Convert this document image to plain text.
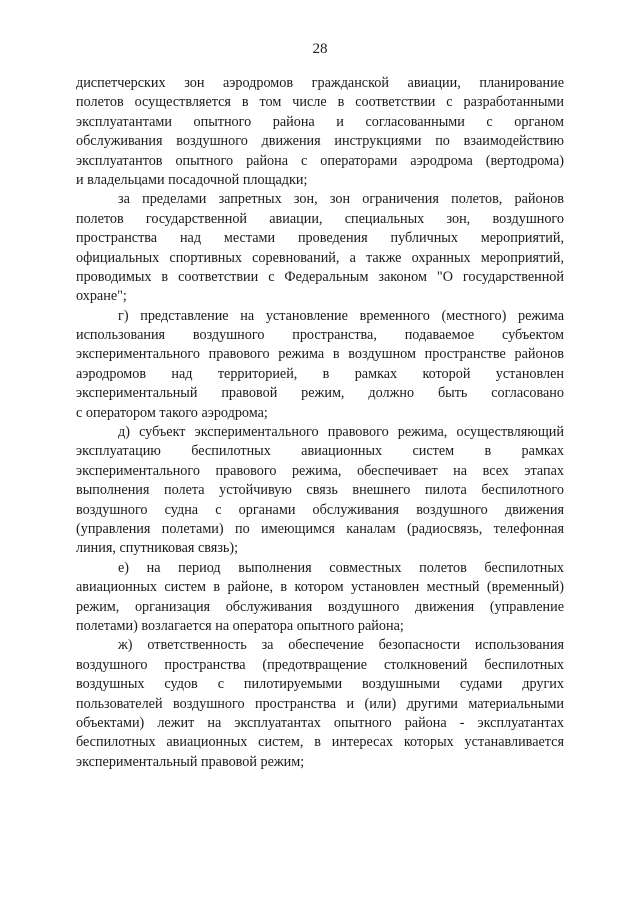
28
диспетчерских зон аэродромов гражданской авиации, планирование
полетов осуществляется в том числе в соответствии с разработанными
эксплуатантами опытного района и согласованными с органом
обслуживания воздушного движения инструкциями по взаимодействию
эксплуатантов опытного района с операторами аэродрома (вертодрома)
и владельцами посадочной площадки;
за пределами запретных зон, зон ограничения полетов, районов
полетов государственной авиации, специальных зон, воздушного
пространства над местами проведения публичных мероприятий,
официальных спортивных соревнований, а также охранных мероприятий,
проводимых в соответствии с Федеральным законом "О государственной
охране";
г) представление на установление временного (местного) режима
использования воздушного пространства, подаваемое субъектом
экспериментального правового режима в воздушном пространстве районов
аэродромов над территорией, в рамках которой установлен
экспериментальный правовой режим, должно быть согласовано
с оператором такого аэродрома;
д) субъект экспериментального правового режима, осуществляющий
эксплуатацию беспилотных авиационных систем в рамках
экспериментального правового режима, обеспечивает на всех этапах
выполнения полета устойчивую связь внешнего пилота беспилотного
воздушного судна с органами обслуживания воздушного движения
(управления полетами) по имеющимся каналам (радиосвязь, телефонная
линия, спутниковая связь);
е) на период выполнения совместных полетов беспилотных
авиационных систем в районе, в котором установлен местный (временный)
режим, организация обслуживания воздушного движения (управление
полетами) возлагается на оператора опытного района;
ж) ответственность за обеспечение безопасности использования
воздушного пространства (предотвращение столкновений беспилотных
воздушных судов с пилотируемыми воздушными судами других
пользователей воздушного пространства и (или) другими материальными
объектами) лежит на эксплуатантах опытного района - эксплуатантах
беспилотных авиационных систем, в интересах которых устанавливается
экспериментальный правовой режим;
